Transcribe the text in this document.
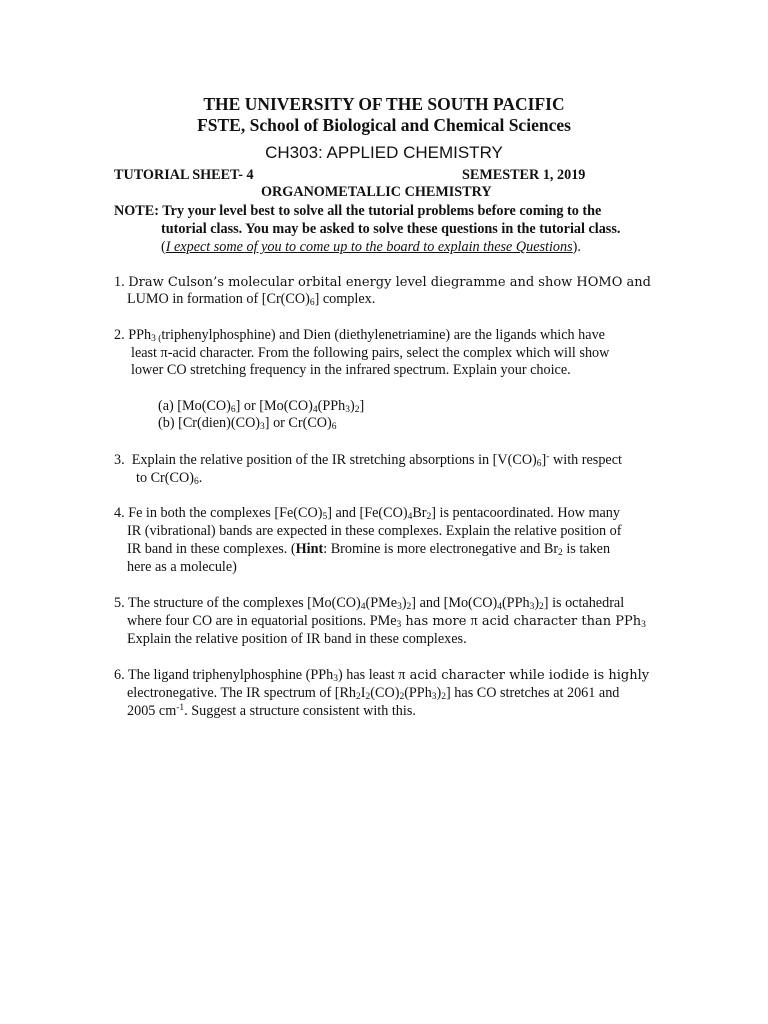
THE UNIVERSITY OF THE SOUTH PACIFIC
FSTE, School of Biological and Chemical Sciences
CH303: APPLIED CHEMISTRY
TUTORIAL SHEET- 4	SEMESTER 1, 2019
ORGANOMETALLIC CHEMISTRY
NOTE: Try your level best to solve all the tutorial problems before coming to the
tutorial class. You may be asked to solve these questions in the tutorial class.
(I expect some of you to come up to the board to explain these Questions).
1. Draw Culson’s molecular orbital energy level diegramme and show HOMO and
LUMO in formation of $[Cr(CO)_6]$ complex.
2. PPh$_{3 (}$triphenylphosphine) and Dien (diethylenetriamine) are the ligands which have
least π-acid character. From the following pairs, select the complex which will show
lower CO stretching frequency in the infrared spectrum. Explain your choice.
(a) $[Mo(CO)_6]$ or $[Mo(CO)_4(PPh_3)_2]$
(b) $[Cr(dien)(CO)_3]$ or $Cr(CO)_6$
3. Explain the relative position of the IR stretching absorptions in $[V(CO)_6]^-$ with respect
to $Cr(CO)_6$.
4. Fe in both the complexes $[Fe(CO)_5]$ and $[Fe(CO)_4Br_2]$ is pentacoordinated. How many
IR (vibrational) bands are expected in these complexes. Explain the relative position of
IR band in these complexes. (Hint: Bromine is more electronegative and $Br_2$ is taken
here as a molecule)
5. The structure of the complexes $[Mo(CO)_4(PMe_3)_2]$ and $[Mo(CO)_4(PPh_3)_2]$ is octahedral
where four CO are in equatorial positions. PMe$_3$ has more π acid character than PPh$_3$
Explain the relative position of IR band in these complexes.
6. The ligand triphenylphosphine (PPh$_3$) has least π acid character while iodide is highly
electronegative. The IR spectrum of $[Rh_2I_2(CO)_2(PPh_3)_2]$ has CO stretches at 2061 and
2005 $cm^{-1}$. Suggest a structure consistent with this.
